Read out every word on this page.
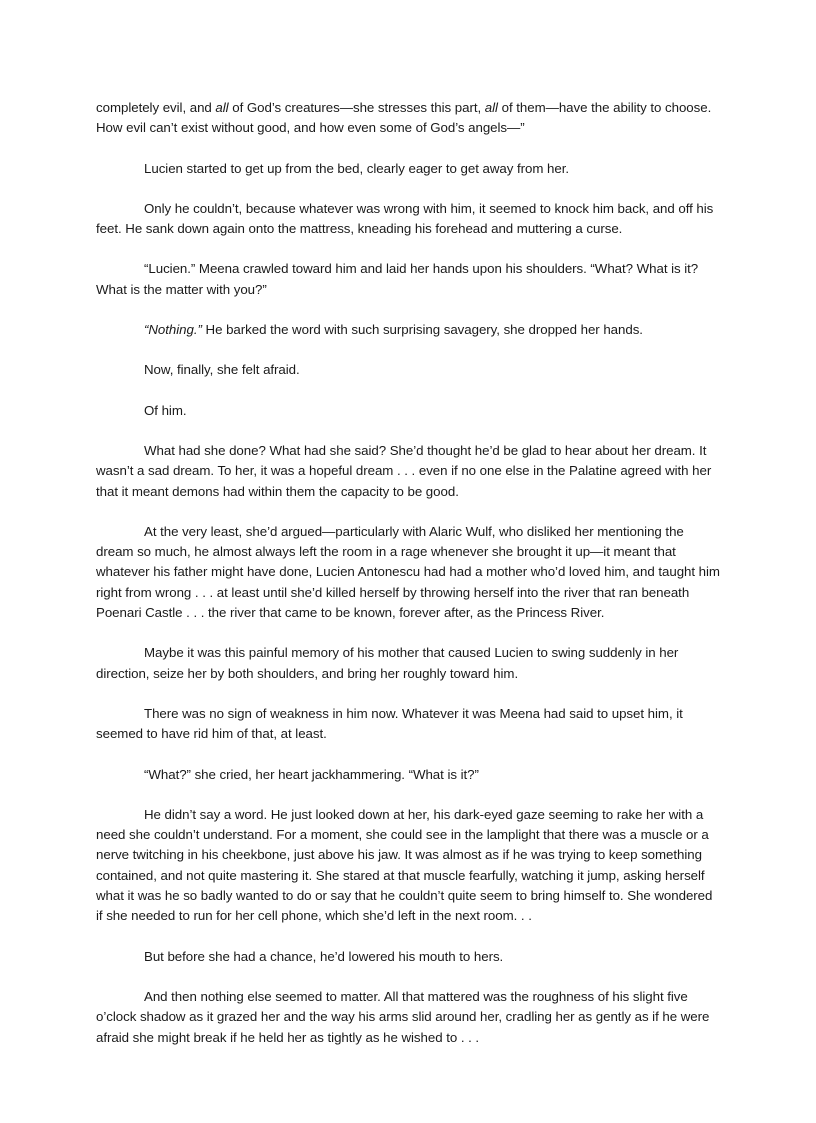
completely evil, and all of God’s creatures—she stresses this part, all of them—have the ability to choose. How evil can’t exist without good, and how even some of God’s angels—”

Lucien started to get up from the bed, clearly eager to get away from her.

Only he couldn’t, because whatever was wrong with him, it seemed to knock him back, and off his feet. He sank down again onto the mattress, kneading his forehead and muttering a curse.

“Lucien.” Meena crawled toward him and laid her hands upon his shoulders. “What? What is it? What is the matter with you?”

“Nothing.” He barked the word with such surprising savagery, she dropped her hands.

Now, finally, she felt afraid.

Of him.

What had she done? What had she said? She’d thought he’d be glad to hear about her dream. It wasn’t a sad dream. To her, it was a hopeful dream . . . even if no one else in the Palatine agreed with her that it meant demons had within them the capacity to be good.

At the very least, she’d argued—particularly with Alaric Wulf, who disliked her mentioning the dream so much, he almost always left the room in a rage whenever she brought it up—it meant that whatever his father might have done, Lucien Antonescu had had a mother who’d loved him, and taught him right from wrong . . . at least until she’d killed herself by throwing herself into the river that ran beneath Poenari Castle . . . the river that came to be known, forever after, as the Princess River.

Maybe it was this painful memory of his mother that caused Lucien to swing suddenly in her direction, seize her by both shoulders, and bring her roughly toward him.

There was no sign of weakness in him now. Whatever it was Meena had said to upset him, it seemed to have rid him of that, at least.

“What?” she cried, her heart jackhammering. “What is it?”

He didn’t say a word. He just looked down at her, his dark-eyed gaze seeming to rake her with a need she couldn’t understand. For a moment, she could see in the lamplight that there was a muscle or a nerve twitching in his cheekbone, just above his jaw. It was almost as if he was trying to keep something contained, and not quite mastering it. She stared at that muscle fearfully, watching it jump, asking herself what it was he so badly wanted to do or say that he couldn’t quite seem to bring himself to. She wondered if she needed to run for her cell phone, which she’d left in the next room. . .

But before she had a chance, he’d lowered his mouth to hers.

And then nothing else seemed to matter. All that mattered was the roughness of his slight five o’clock shadow as it grazed her and the way his arms slid around her, cradling her as gently as if he were afraid she might break if he held her as tightly as he wished to . . .
